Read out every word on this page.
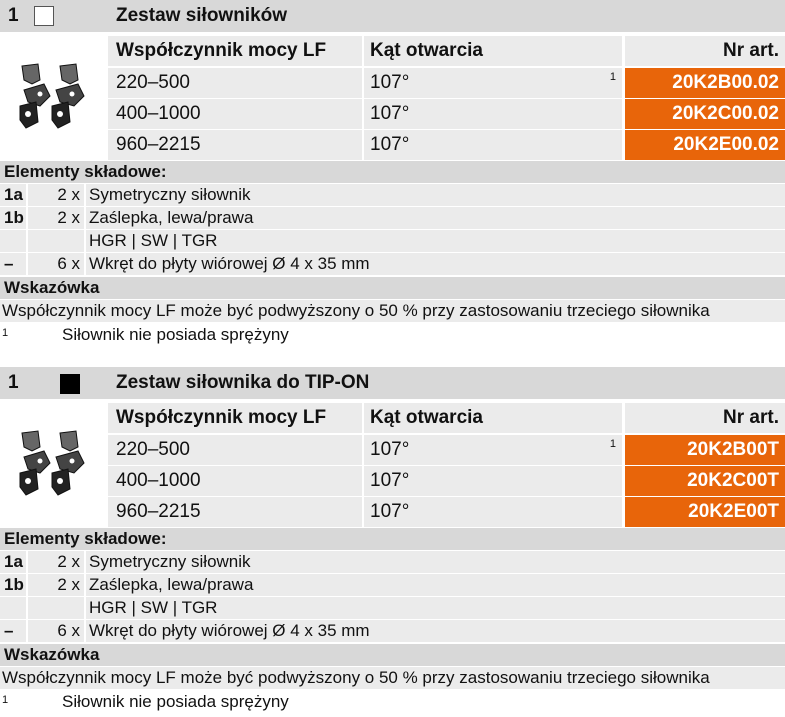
1	Zestaw siłowników
Współczynnik mocy LF	Kąt otwarcia	Nr art.
220–500	107°	1	20K2B00.02
400–1000	107°	20K2C00.02
960–2215	107°	20K2E00.02
Elementy składowe:
1a	2 x Symetryczny siłownik
1b	2 x Zaślepka, lewa/prawa
HGR | SW | TGR
–	6 x Wkręt do płyty wiórowej Ø 4 x 35 mm
Wskazówka
Współczynnik mocy LF może być podwyższony o 50 % przy zastosowaniu trzeciego siłownika
1	Siłownik nie posiada sprężyny
1	Zestaw siłownika do TIP-ON
Współczynnik mocy LF	Kąt otwarcia	Nr art.
220–500	107°	1	20K2B00T
400–1000	107°	20K2C00T
960–2215	107°	20K2E00T
Elementy składowe:
1a	2 x Symetryczny siłownik
1b	2 x Zaślepka, lewa/prawa
HGR | SW | TGR
–	6 x Wkręt do płyty wiórowej Ø 4 x 35 mm
Wskazówka
Współczynnik mocy LF może być podwyższony o 50 % przy zastosowaniu trzeciego siłownika
1	Siłownik nie posiada sprężyny
